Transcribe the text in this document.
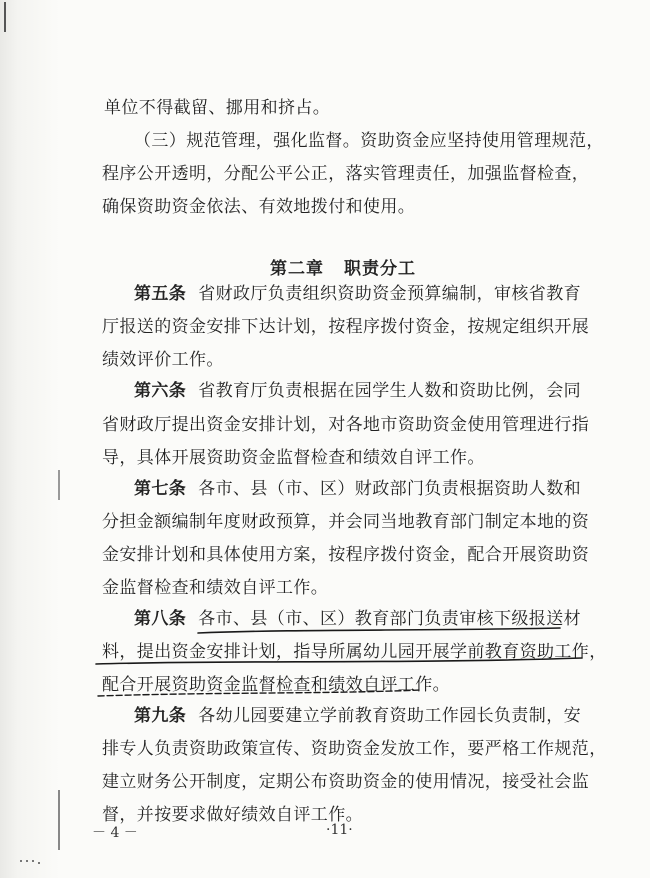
单位不得截留、挪用和挤占。
（三）规范管理，强化监督。资助资金应坚持使用管理规范，
程序公开透明，分配公平公正，落实管理责任，加强监督检查，
确保资助资金依法、有效地拨付和使用。
第二章 职责分工
第五条 省财政厅负责组织资助资金预算编制，审核省教育
厅报送的资金安排下达计划，按程序拨付资金，按规定组织开展
绩效评价工作。
第六条 省教育厅负责根据在园学生人数和资助比例，会同
省财政厅提出资金安排计划，对各地市资助资金使用管理进行指
导，具体开展资助资金监督检查和绩效自评工作。
第七条 各市、县（市、区）财政部门负责根据资助人数和
分担金额编制年度财政预算，并会同当地教育部门制定本地的资
金安排计划和具体使用方案，按程序拨付资金，配合开展资助资
金监督检查和绩效自评工作。
第八条 各市、县（市、区）教育部门负责审核下级报送材
料，提出资金安排计划，指导所属幼儿园开展学前教育资助工作，
配合开展资助资金监督检查和绩效自评工作。
第九条 各幼儿园要建立学前教育资助工作园长负责制，安
排专人负责资助政策宣传、资助资金发放工作，要严格工作规范，
建立财务公开制度，定期公布资助资金的使用情况，接受社会监
督，并按要求做好绩效自评工作。
－ 4 －	·11·
